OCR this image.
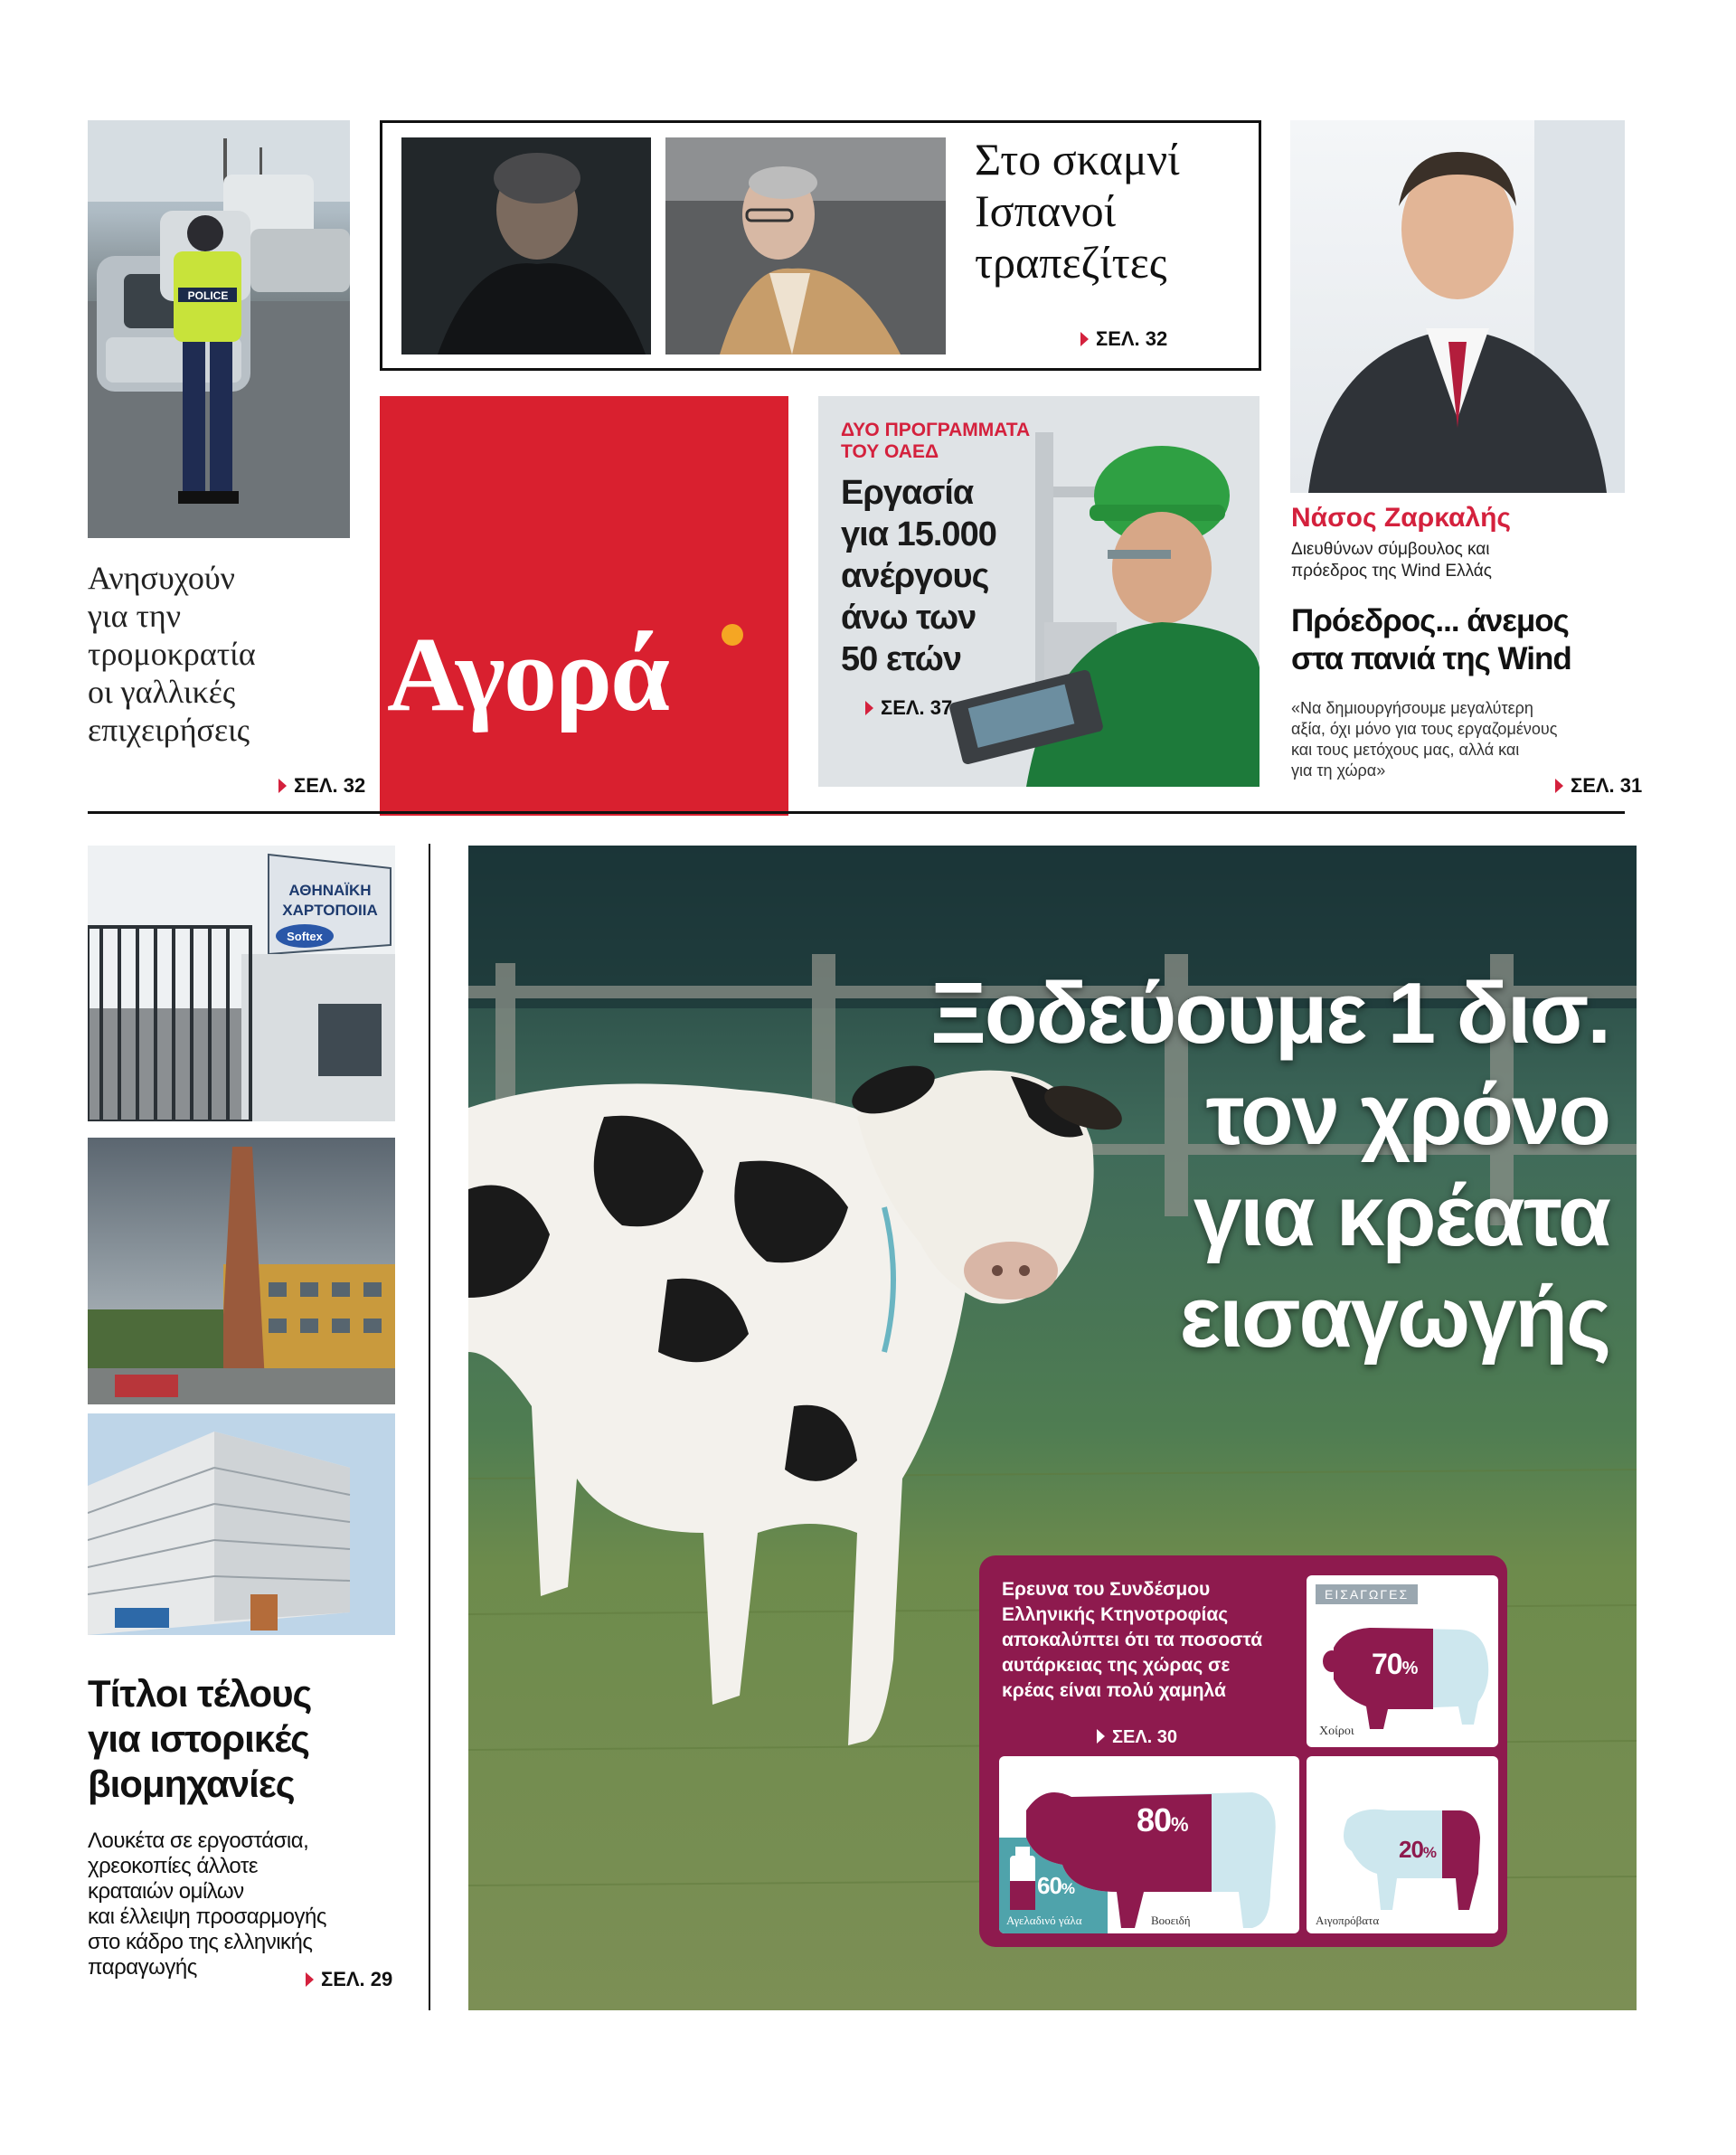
POLICE
Ανησυχούν
για την
τρομοκρατία
οι γαλλικές
επιχειρήσεις
ΣΕΛ. 32
Στο σκαμνί
Ισπανοί
τραπεζίτες
ΣΕΛ. 32
Νάσος Ζαρκαλής
Διευθύνων σύμβουλος και
πρόεδρος της Wind Ελλάς
Πρόεδρος... άνεμος
στα πανιά της Wind
«Να δημιουργήσουμε μεγαλύτερη
αξία, όχι μόνο για τους εργαζομένους
και τους μετόχους μας, αλλά και
για τη χώρα»
ΣΕΛ. 31
Αγορά
ΔΥΟ ΠΡΟΓΡΑΜΜΑΤΑ
ΤΟΥ ΟΑΕΔ
Εργασία
για 15.000
ανέργους
άνω των
50 ετών
ΣΕΛ. 37
ΑΘΗΝΑΪΚΗ ΧΑΡΤΟΠΟΙΙΑ
Softex
Τίτλοι τέλους
για ιστορικές
βιομηχανίες
Λουκέτα σε εργοστάσια,
χρεοκοπίες άλλοτε
κραταιών ομίλων
και έλλειψη προσαρμογής
στο κάδρο της ελληνικής
παραγωγής	ΣΕΛ. 29
Ξοδεύουμε 1 δισ.
τον χρόνο
για κρέατα
εισαγωγής
Ερευνα του Συνδέσμου
Ελληνικής Κτηνοτροφίας
αποκαλύπτει ότι τα ποσοστά
αυτάρκειας της χώρας σε
κρέας είναι πολύ χαμηλά
ΣΕΛ. 30
ΕΙΣΑΓΩΓΕΣ
70%
Χοίροι
80%
60%
Αγελαδινό γάλα	Βοοειδή
20%
Αιγοπρόβατα
